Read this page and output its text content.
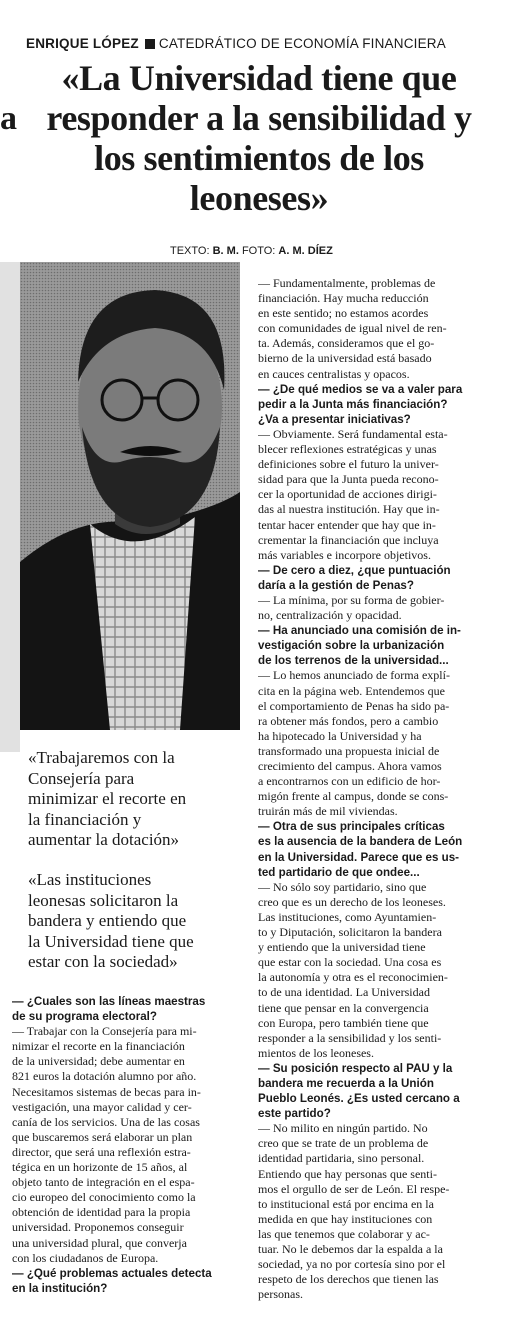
ENRIQUE LÓPEZ CATEDRÁTICO DE ECONOMÍA FINANCIERA
a
«La Universidad tiene que
responder a la sensibilidad y
los sentimientos de los
leoneses»
TEXTO: B. M. FOTO: A. M. DÍEZ
«Trabajaremos con la
Consejería para
minimizar el recorte en
la financiación y
aumentar la dotación»
«Las instituciones
leonesas solicitaron la
bandera y entiendo que
la Universidad tiene que
estar con la sociedad»
— ¿Cuales son las líneas maestras
de su programa electoral?
— Trabajar con la Consejería para mi-
nimizar el recorte en la financiación
de la universidad; debe aumentar en
821 euros la dotación alumno por año.
Necesitamos sistemas de becas para in-
vestigación, una mayor calidad y cer-
canía de los servicios. Una de las cosas
que buscaremos será elaborar un plan
director, que será una reflexión estra-
tégica en un horizonte de 15 años, al
objeto tanto de integración en el espa-
cio europeo del conocimiento como la
obtención de identidad para la propia
universidad. Proponemos conseguir
una universidad plural, que converja
con los ciudadanos de Europa.
— ¿Qué problemas actuales detecta
en la institución?
— Fundamentalmente, problemas de
financiación. Hay mucha reducción
en este sentido; no estamos acordes
con comunidades de igual nivel de ren-
ta. Además, consideramos que el go-
bierno de la universidad está basado
en cauces centralistas y opacos.
— ¿De qué medios se va a valer para
pedir a la Junta más financiación?
¿Va a presentar iniciativas?
— Obviamente. Será fundamental esta-
blecer reflexiones estratégicas y unas
definiciones sobre el futuro la univer-
sidad para que la Junta pueda recono-
cer la oportunidad de acciones dirigi-
das al nuestra institución. Hay que in-
tentar hacer entender que hay que in-
crementar la financiación que incluya
más variables e incorpore objetivos.
— De cero a diez, ¿que puntuación
daría a la gestión de Penas?
— La mínima, por su forma de gobier-
no, centralización y opacidad.
— Ha anunciado una comisión de in-
vestigación sobre la urbanización
de los terrenos de la universidad...
— Lo hemos anunciado de forma explí-
cita en la página web. Entendemos que
el comportamiento de Penas ha sido pa-
ra obtener más fondos, pero a cambio
ha hipotecado la Universidad y ha
transformado una propuesta inicial de
crecimiento del campus. Ahora vamos
a encontrarnos con un edificio de hor-
migón frente al campus, donde se cons-
truirán más de mil viviendas.
— Otra de sus principales críticas
es la ausencia de la bandera de León
en la Universidad. Parece que es us-
ted partidario de que ondee...
— No sólo soy partidario, sino que
creo que es un derecho de los leoneses.
Las instituciones, como Ayuntamien-
to y Diputación, solicitaron la bandera
y entiendo que la universidad tiene
que estar con la sociedad. Una cosa es
la autonomía y otra es el reconocimien-
to de una identidad. La Universidad
tiene que pensar en la convergencia
con Europa, pero también tiene que
responder a la sensibilidad y los senti-
mientos de los leoneses.
— Su posición respecto al PAU y la
bandera me recuerda a la Unión
Pueblo Leonés. ¿Es usted cercano a
este partido?
— No milito en ningún partido. No
creo que se trate de un problema de
identidad partidaria, sino personal.
Entiendo que hay personas que senti-
mos el orgullo de ser de León. El respe-
to institucional está por encima en la
medida en que hay instituciones con
las que tenemos que colaborar y ac-
tuar. No le debemos dar la espalda a la
sociedad, ya no por cortesía sino por el
respeto de los derechos que tienen las
personas.
